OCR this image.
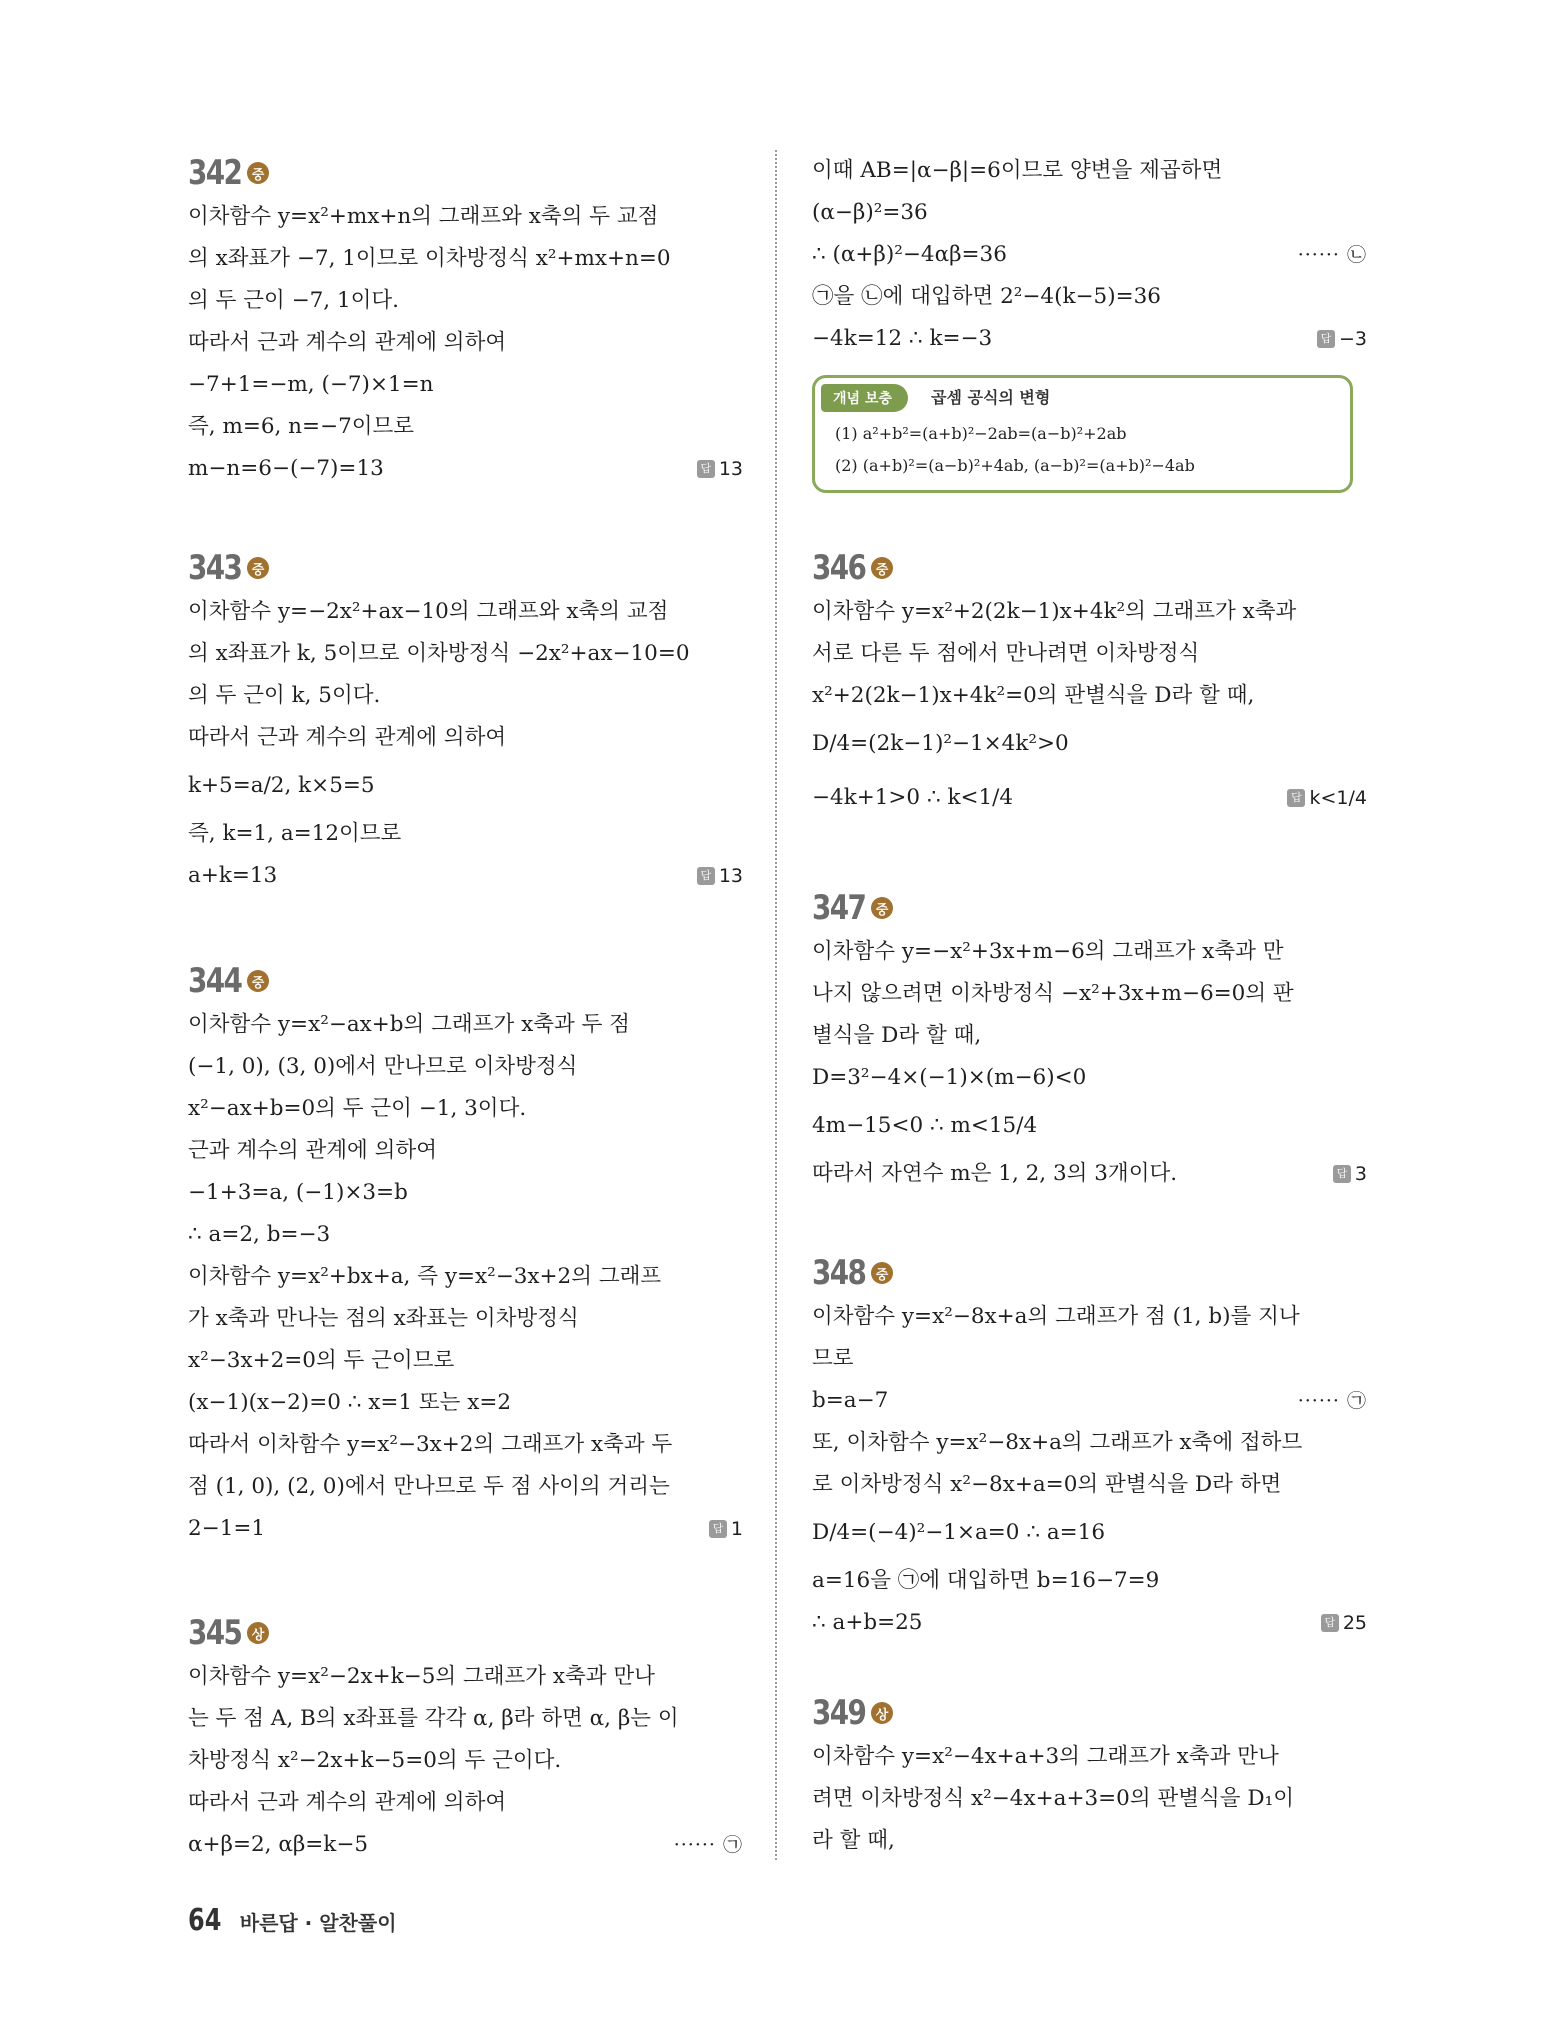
342 중
이차함수 y=x²+mx+n의 그래프와 x축의 두 교점
의 x좌표가 −7, 1이므로 이차방정식 x²+mx+n=0
의 두 근이 −7, 1이다.
따라서 근과 계수의 관계에 의하여
−7+1=−m, (−7)×1=n
즉, m=6, n=−7이므로
m−n=6−(−7)=13	답 13
343 중
이차함수 y=−2x²+ax−10의 그래프와 x축의 교점
의 x좌표가 k, 5이므로 이차방정식 −2x²+ax−10=0
의 두 근이 k, 5이다.
따라서 근과 계수의 관계에 의하여
k+5=a/2, k×5=5
즉, k=1, a=12이므로
a+k=13	답 13
344 중
이차함수 y=x²−ax+b의 그래프가 x축과 두 점
(−1, 0), (3, 0)에서 만나므로 이차방정식
x²−ax+b=0의 두 근이 −1, 3이다.
근과 계수의 관계에 의하여
−1+3=a, (−1)×3=b
∴ a=2, b=−3
이차함수 y=x²+bx+a, 즉 y=x²−3x+2의 그래프
가 x축과 만나는 점의 x좌표는 이차방정식
x²−3x+2=0의 두 근이므로
(x−1)(x−2)=0 ∴ x=1 또는 x=2
따라서 이차함수 y=x²−3x+2의 그래프가 x축과 두
점 (1, 0), (2, 0)에서 만나므로 두 점 사이의 거리는
2−1=1	답 1
345 상
이차함수 y=x²−2x+k−5의 그래프가 x축과 만나
는 두 점 A, B의 x좌표를 각각 α, β라 하면 α, β는 이
차방정식 x²−2x+k−5=0의 두 근이다.
따라서 근과 계수의 관계에 의하여
α+β=2, αβ=k−5	······ ㉠
이때 AB=|α−β|=6이므로 양변을 제곱하면
(α−β)²=36
∴ (α+β)²−4αβ=36	······ ㉡
㉠을 ㉡에 대입하면 2²−4(k−5)=36
−4k=12 ∴ k=−3	답 −3
개념 보충	곱셈 공식의 변형
(1) a²+b²=(a+b)²−2ab=(a−b)²+2ab
(2) (a+b)²=(a−b)²+4ab, (a−b)²=(a+b)²−4ab
346 중
이차함수 y=x²+2(2k−1)x+4k²의 그래프가 x축과
서로 다른 두 점에서 만나려면 이차방정식
x²+2(2k−1)x+4k²=0의 판별식을 D라 할 때,
D/4=(2k−1)²−1×4k²>0
−4k+1>0 ∴ k<1/4	답 k<1/4
347 중
이차함수 y=−x²+3x+m−6의 그래프가 x축과 만
나지 않으려면 이차방정식 −x²+3x+m−6=0의 판
별식을 D라 할 때,
D=3²−4×(−1)×(m−6)<0
4m−15<0 ∴ m<15/4
따라서 자연수 m은 1, 2, 3의 3개이다.	답 3
348 중
이차함수 y=x²−8x+a의 그래프가 점 (1, b)를 지나
므로
b=a−7	······ ㉠
또, 이차함수 y=x²−8x+a의 그래프가 x축에 접하므
로 이차방정식 x²−8x+a=0의 판별식을 D라 하면
D/4=(−4)²−1×a=0 ∴ a=16
a=16을 ㉠에 대입하면 b=16−7=9
∴ a+b=25	답 25
349 상
이차함수 y=x²−4x+a+3의 그래프가 x축과 만나
려면 이차방정식 x²−4x+a+3=0의 판별식을 D₁이
라 할 때,
64 바른답 · 알찬풀이
